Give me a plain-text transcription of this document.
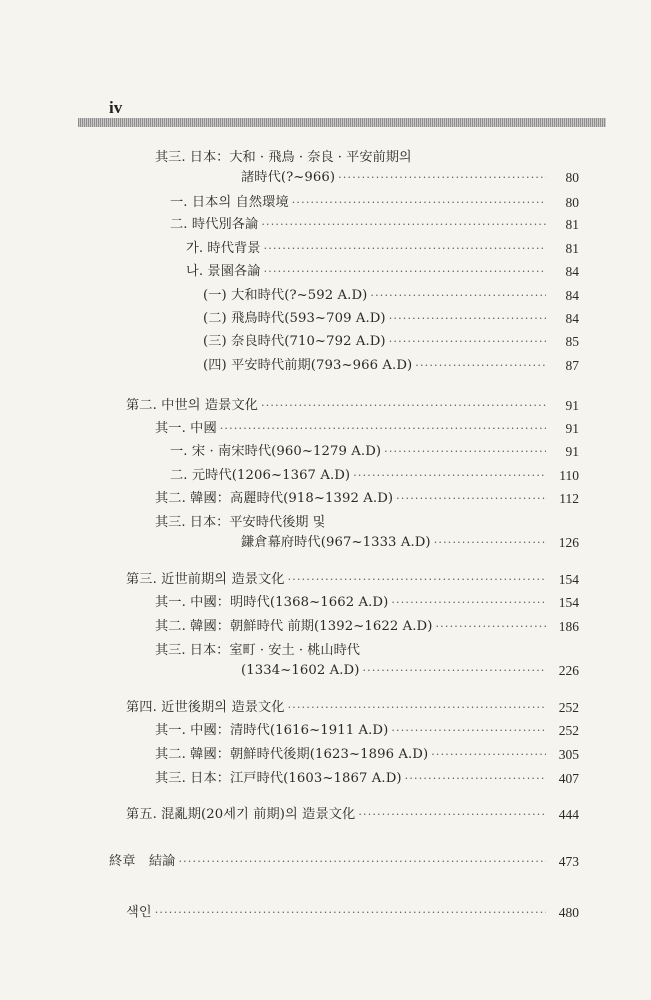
iv
其三. 日本：大和 · 飛鳥 · 奈良 · 平安前期의
諸時代(?~966) ·····	80
一. 日本의 自然環境 ·····	80
二. 時代別各論 ·····	81
가. 時代背景 ·····	81
나. 景園各論 ·····	84
(一) 大和時代(?~592 A.D) ·····	84
(二) 飛鳥時代(593~709 A.D) ·····	84
(三) 奈良時代(710~792 A.D) ·····	85
(四) 平安時代前期(793~966 A.D) ·····	87
第二. 中世의 造景文化 ·····	91
其一. 中國 ·····	91
一. 宋 · 南宋時代(960~1279 A.D) ·····	91
二. 元時代(1206~1367 A.D) ·····	110
其二. 韓國：高麗時代(918~1392 A.D) ·····	112
其三. 日本：平安時代後期 및
鎌倉幕府時代(967~1333 A.D) ·····	126
第三. 近世前期의 造景文化 ·····	154
其一. 中國：明時代(1368~1662 A.D) ·····	154
其二. 韓國：朝鮮時代 前期(1392~1622 A.D) ·····	186
其三. 日本：室町 · 安土 · 桃山時代
(1334~1602 A.D) ·····	226
第四. 近世後期의 造景文化 ·····	252
其一. 中國：清時代(1616~1911 A.D) ·····	252
其二. 韓國：朝鮮時代後期(1623~1896 A.D) ·····	305
其三. 日本：江戸時代(1603~1867 A.D) ·····	407
第五. 混亂期(20세기 前期)의 造景文化 ·····	444
終章　結論 ·····	473
색인 ·····	480
